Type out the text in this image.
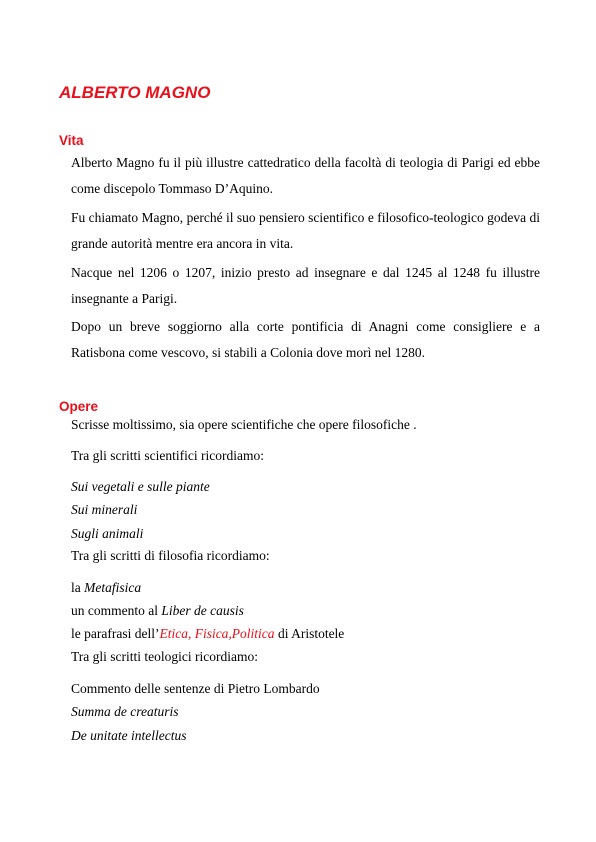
ALBERTO MAGNO
Vita
Alberto Magno fu il più illustre cattedratico della facoltà di teologia di Parigi ed ebbe come discepolo Tommaso D’Aquino.
Fu chiamato Magno, perché il suo pensiero scientifico e filosofico-teologico godeva di grande autorità mentre era ancora in vita.
Nacque nel 1206 o 1207, inizio presto ad insegnare e dal 1245 al 1248 fu illustre insegnante a Parigi.
Dopo un breve soggiorno alla corte pontificia di Anagni come consigliere e a Ratisbona come vescovo, si stabili a Colonia dove morì nel 1280.
Opere
Scrisse moltissimo, sia opere scientifiche che opere filosofiche .
Tra gli scritti scientifici ricordiamo:
Sui vegetali e sulle piante
Sui minerali
Sugli animali
Tra gli scritti di filosofia ricordiamo:
la Metafisica
un commento al Liber de causis
le parafrasi dell’Etica, Fisica,Politica di Aristotele
Tra gli scritti teologici ricordiamo:
Commento delle sentenze di Pietro Lombardo
Summa de creaturis
De unitate intellectus
